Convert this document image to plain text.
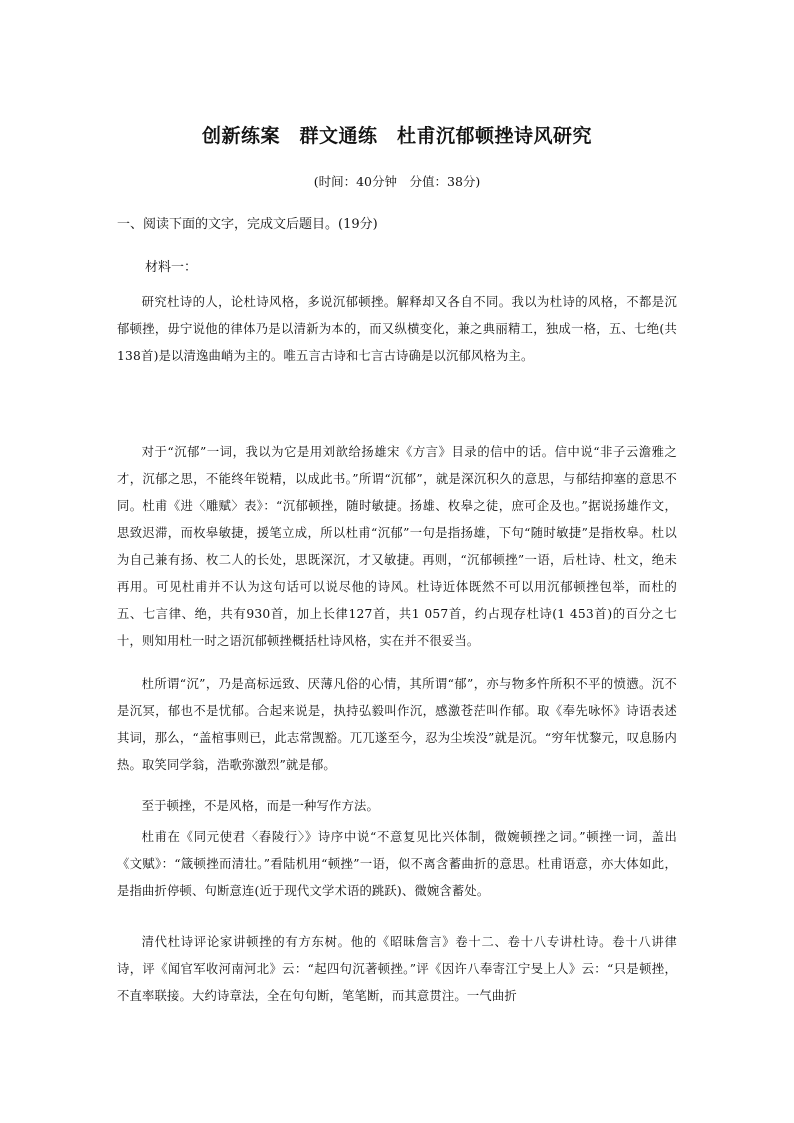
创新练案　群文通练　杜甫沉郁顿挫诗风研究
(时间：40分钟　分值：38分)
一、阅读下面的文字，完成文后题目。(19分)
材料一：
研究杜诗的人，论杜诗风格，多说沉郁顿挫。解释却又各自不同。我以为杜诗的风格，不都是沉郁顿挫，毋宁说他的律体乃是以清新为本的，而又纵横变化，兼之典丽精工，独成一格，五、七绝(共138首)是以清逸曲峭为主的。唯五言古诗和七言古诗确是以沉郁风格为主。
对于“沉郁”一词，我以为它是用刘歆给扬雄宋《方言》目录的信中的话。信中说“非子云澹雅之才，沉郁之思，不能终年锐精，以成此书。”所谓“沉郁”，就是深沉积久的意思，与郁结抑塞的意思不同。杜甫《进〈雕赋〉表》：“沉郁顿挫，随时敏捷。扬雄、枚皋之徒，庶可企及也。”据说扬雄作文，思致迟滞，而枚皋敏捷，援笔立成，所以杜甫“沉郁”一句是指扬雄，下句“随时敏捷”是指枚皋。杜以为自己兼有扬、枚二人的长处，思既深沉，才又敏捷。再则，“沉郁顿挫”一语，后杜诗、杜文，绝未再用。可见杜甫并不认为这句话可以说尽他的诗风。杜诗近体既然不可以用沉郁顿挫包举，而杜的五、七言律、绝，共有930首，加上长律127首，共1 057首，约占现存杜诗(1 453首)的百分之七十，则知用杜一时之语沉郁顿挫概括杜诗风格，实在并不很妥当。
杜所谓“沉”，乃是高标远致、厌薄凡俗的心情，其所谓“郁”，亦与物多忤所积不平的愤懑。沉不是沉冥，郁也不是忧郁。合起来说是，执持弘毅叫作沉，感激苍茫叫作郁。取《奉先咏怀》诗语表述其词，那么，“盖棺事则已，此志常觊豁。兀兀遂至今，忍为尘埃没”就是沉。“穷年忧黎元，叹息肠内热。取笑同学翁，浩歌弥激烈”就是郁。
至于顿挫，不是风格，而是一种写作方法。
杜甫在《同元使君〈舂陵行〉》诗序中说“不意复见比兴体制，微婉顿挫之词。”顿挫一词，盖出《文赋》：“箴顿挫而清壮。”看陆机用“顿挫”一语，似不离含蓄曲折的意思。杜甫语意，亦大体如此，是指曲折停顿、句断意连(近于现代文学术语的跳跃)、微婉含蓄处。
清代杜诗评论家讲顿挫的有方东树。他的《昭昧詹言》卷十二、卷十八专讲杜诗。卷十八讲律诗，评《闻官军收河南河北》云：“起四句沉著顿挫。”评《因许八奉寄江宁旻上人》云：“只是顿挫，不直率联接。大约诗章法，全在句句断，笔笔断，而其意贯注。一气曲折
